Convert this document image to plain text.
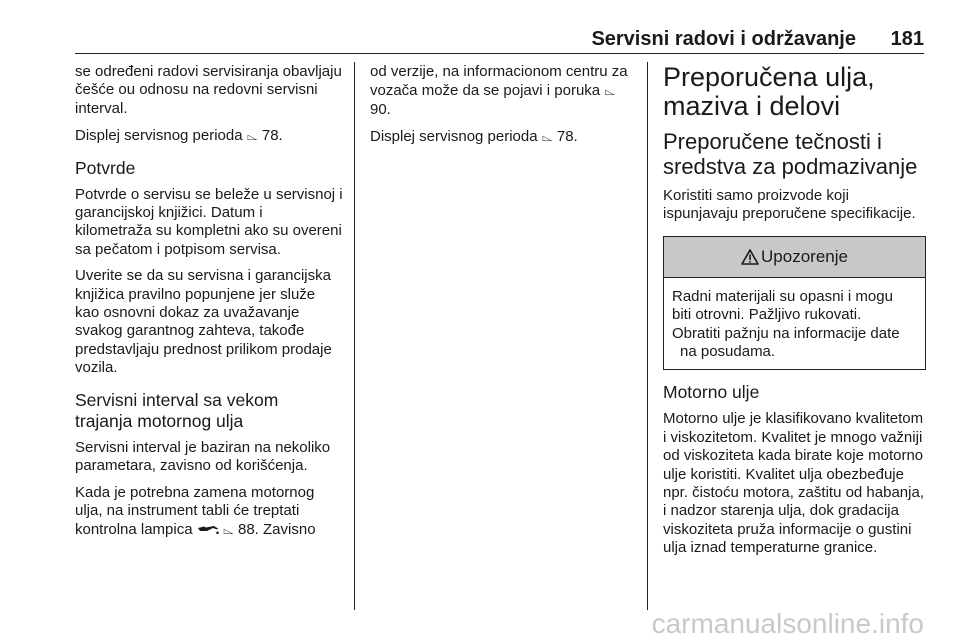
Servisni radovi i održavanje 181

se određeni radovi servisiranja obavljaju češće ou odnosu na redovni servisni interval.

Displej servisnog perioda ⌳ 78.

Potvrde

Potvrde o servisu se beleže u servisnoj i garancijskoj knjižici. Datum i kilometraža su kompletni ako su overeni sa pečatom i potpisom servisa.

Uverite se da su servisna i garancijska knjižica pravilno popunjene jer služe kao osnovni dokaz za uvažavanje svakog garantnog zahteva, takođe predstavljaju prednost prilikom prodaje vozila.

Servisni interval sa vekom
trajanja motornog ulja

Servisni interval je baziran na nekoliko parametara, zavisno od korišćenja.

Kada je potrebna zamena motornog ulja, na instrument tabli će treptati kontrolna lampica  ⌳ 88. Zavisno

od verzije, na informacionom centru za vozača može da se pojavi i poruka ⌳ 90.

Displej servisnog perioda ⌳ 78.

Preporučena ulja,
maziva i delovi
Preporučene tečnosti i
sredstva za podmazivanje

Koristiti samo proizvode koji ispunjavaju preporučene specifikacije.

Upozorenje

Radni materijali su opasni i mogu

biti otrovni. Pažljivo rukovati.

Obratiti pažnju na informacije date

na posudama.

Motorno ulje

Motorno ulje je klasifikovano kvalitetom i viskozitetom. Kvalitet je mnogo važniji od viskoziteta kada birate koje motorno ulje koristiti. Kvalitet ulja obezbeđuje npr. čistoću motora, zaštitu od habanja, i nadzor starenja ulja, dok gradacija viskoziteta pruža informacije o gustini ulja iznad temperaturne granice.

carmanualsonline.info
